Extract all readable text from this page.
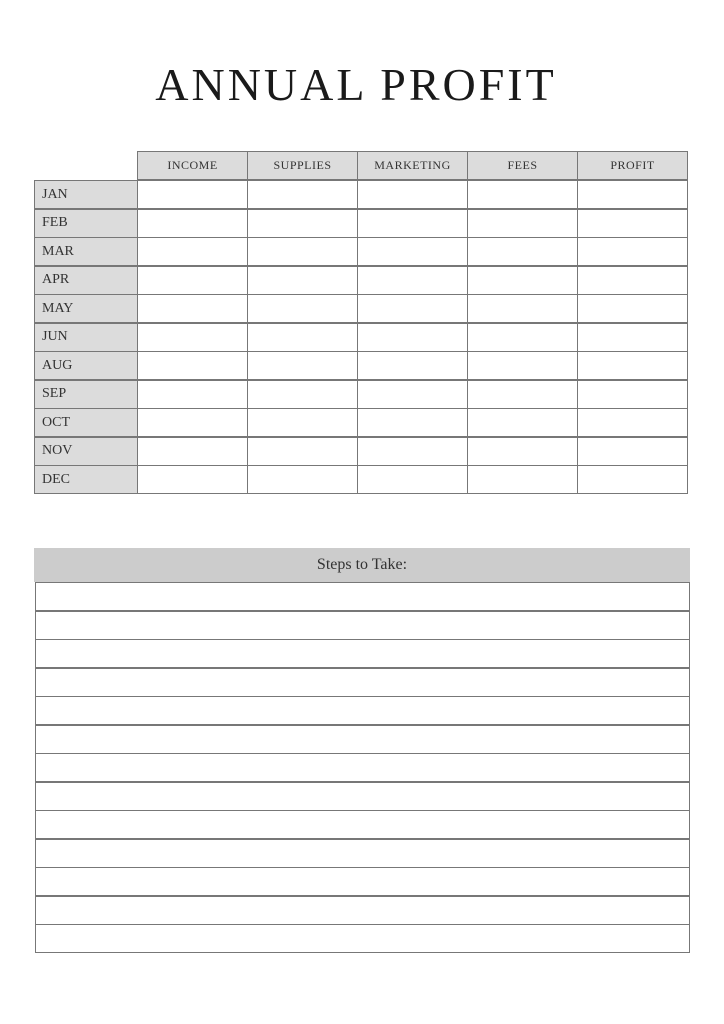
ANNUAL PROFIT
INCOME	SUPPLIES	MARKETING	FEES	PROFIT
JAN
FEB
MAR
APR
MAY
JUN
AUG
SEP
OCT
NOV
DEC
Steps to Take:
